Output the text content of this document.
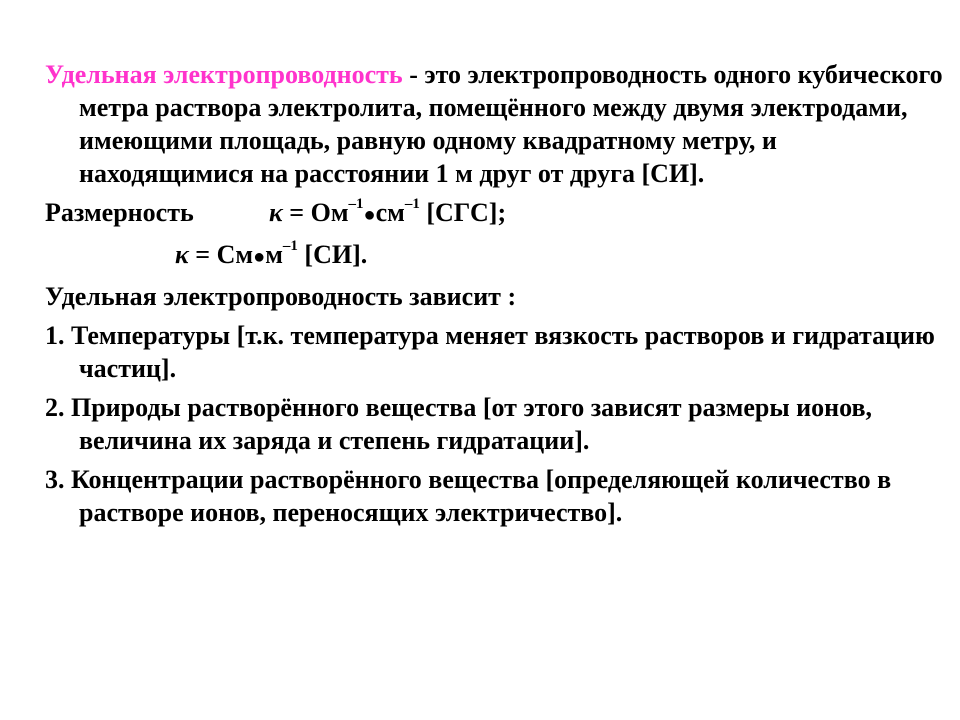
Удельная электропроводность - это электропроводность одного кубического метра раствора электролита, помещённого между двумя электродами, имеющими площадь, равную одному квадратному метру, и находящимися на расстоянии 1 м друг от друга [СИ].
Размерность	$\kappa = Ом^{-1}●см^{-1}$ [СГС];
$\kappa = См●м^{-1}$ [СИ].
Удельная электропроводность зависит :
1. Температуры [т.к. температура меняет вязкость растворов и гидратацию частиц].
2. Природы растворённого вещества [от этого зависят размеры ионов, величина их заряда и степень гидратации].
3. Концентрации растворённого вещества [определяющей количество в растворе ионов, переносящих электричество].
